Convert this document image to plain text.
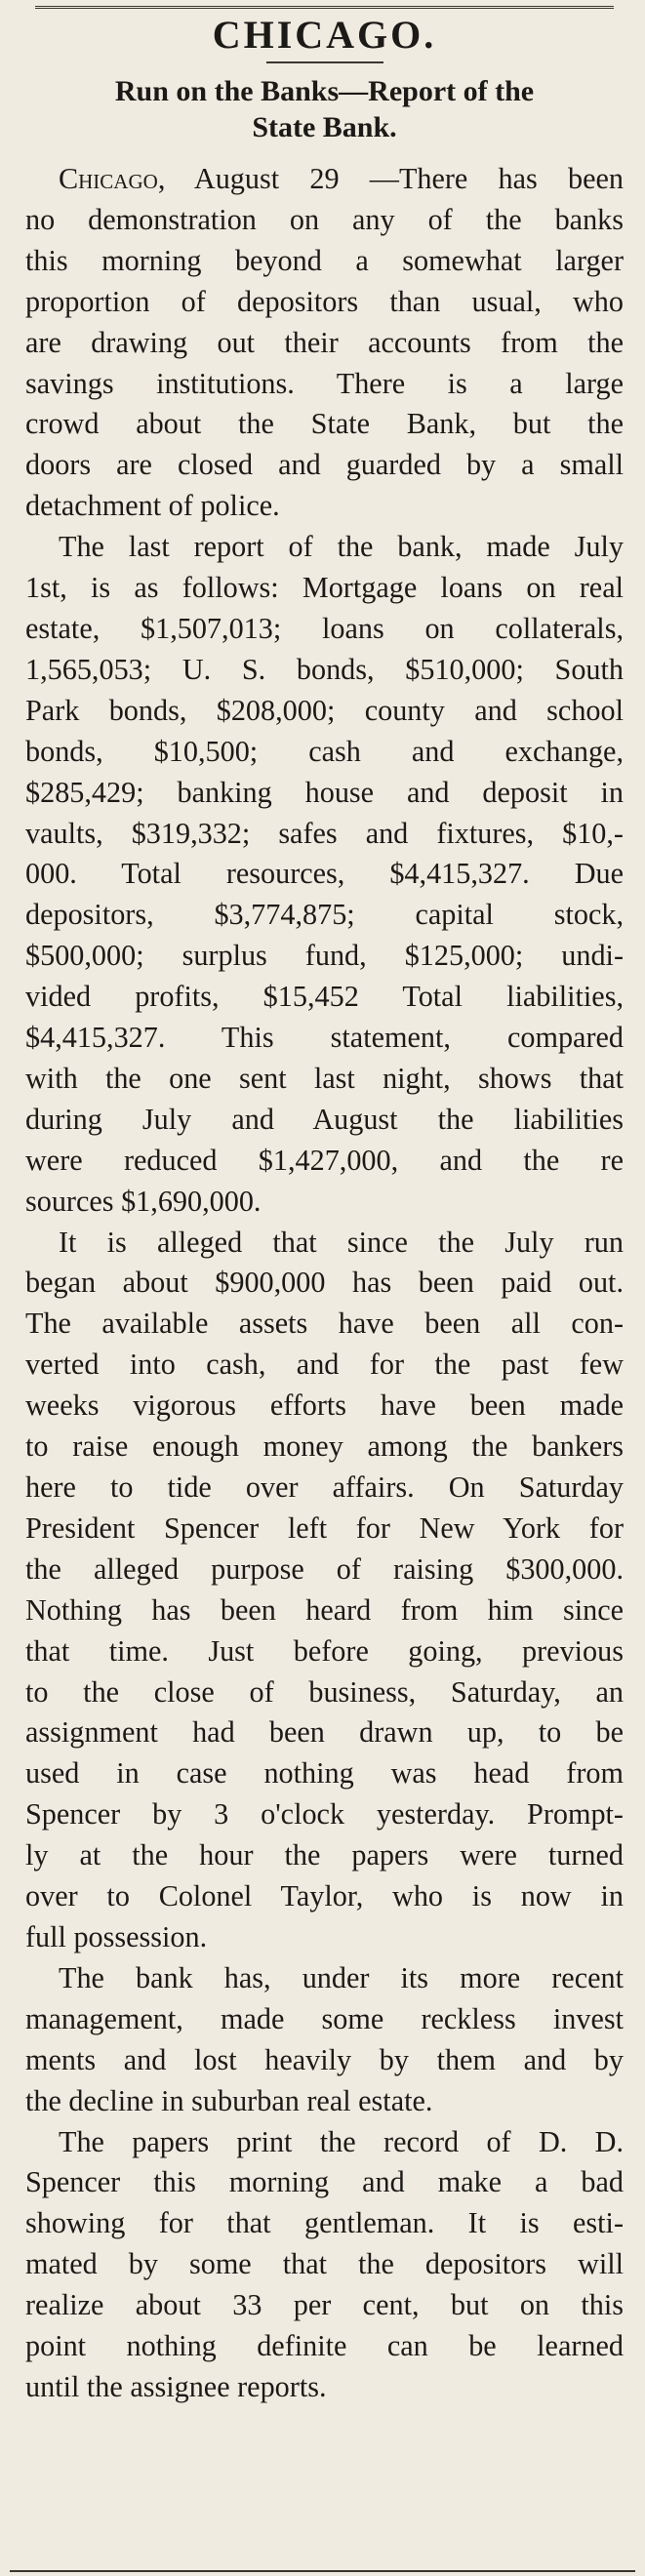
CHICAGO.
Run on the Banks—Report of the
State Bank.
Chicago, August 29 —There has been
no demonstration on any of the banks
this morning beyond a somewhat larger
proportion of depositors than usual, who
are drawing out their accounts from the
savings institutions. There is a large
crowd about the State Bank, but the
doors are closed and guarded by a small
detachment of police.
The last report of the bank, made July
1st, is as follows: Mortgage loans on real
estate, $1,507,013; loans on collaterals,
1,565,053; U. S. bonds, $510,000; South
Park bonds, $208,000; county and school
bonds, $10,500; cash and exchange,
$285,429; banking house and deposit in
vaults, $319,332; safes and fixtures, $10,-
000. Total resources, $4,415,327. Due
depositors, $3,774,875; capital stock,
$500,000; surplus fund, $125,000; undi-
vided profits, $15,452 Total liabilities,
$4,415,327. This statement, compared
with the one sent last night, shows that
during July and August the liabilities
were reduced $1,427,000, and the re
sources $1,690,000.
It is alleged that since the July run
began about $900,000 has been paid out.
The available assets have been all con-
verted into cash, and for the past few
weeks vigorous efforts have been made
to raise enough money among the bankers
here to tide over affairs. On Saturday
President Spencer left for New York for
the alleged purpose of raising $300,000.
Nothing has been heard from him since
that time. Just before going, previous
to the close of business, Saturday, an
assignment had been drawn up, to be
used in case nothing was head from
Spencer by 3 o'clock yesterday. Prompt-
ly at the hour the papers were turned
over to Colonel Taylor, who is now in
full possession.
The bank has, under its more recent
management, made some reckless invest
ments and lost heavily by them and by
the decline in suburban real estate.
The papers print the record of D. D.
Spencer this morning and make a bad
showing for that gentleman. It is esti-
mated by some that the depositors will
realize about 33 per cent, but on this
point nothing definite can be learned
until the assignee reports.
